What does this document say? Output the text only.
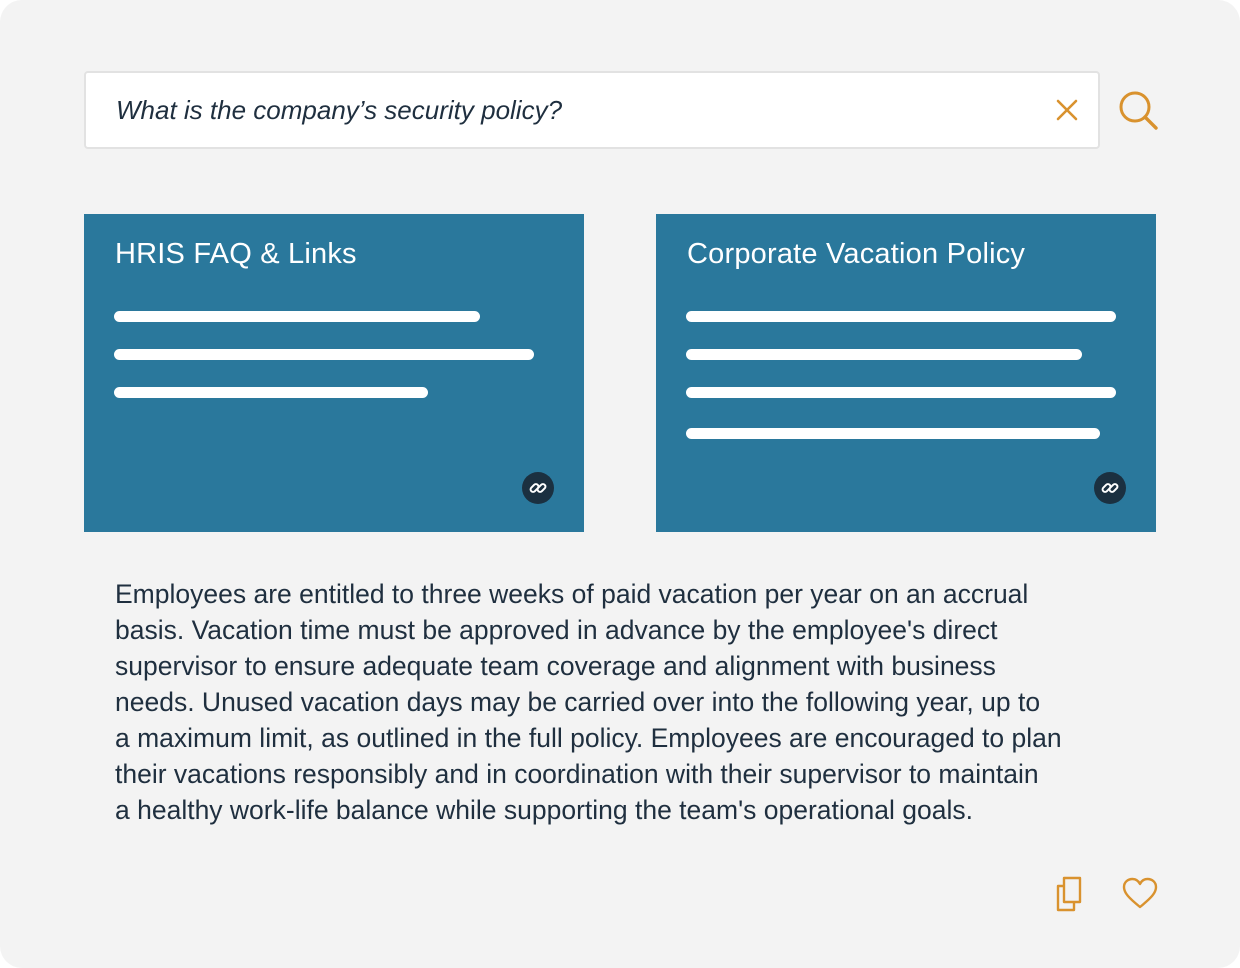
What is the company’s security policy?
HRIS FAQ & Links	Corporate Vacation Policy

Employees are entitled to three weeks of paid vacation per year on an accrual
basis. Vacation time must be approved in advance by the employee's direct
supervisor to ensure adequate team coverage and alignment with business
needs. Unused vacation days may be carried over into the following year, up to
a maximum limit, as outlined in the full policy. Employees are encouraged to plan
their vacations responsibly and in coordination with their supervisor to maintain
a healthy work-life balance while supporting the team's operational goals.
